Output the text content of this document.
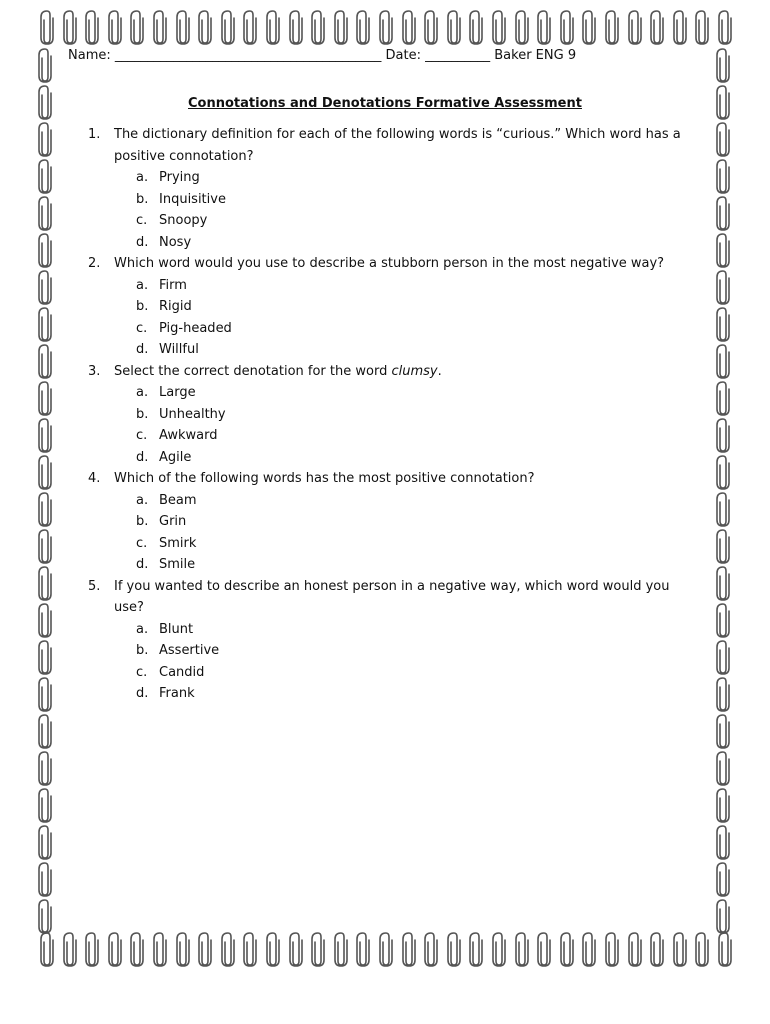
Name: _________________________________________ Date: __________ Baker ENG 9
Connotations and Denotations Formative Assessment
1.	The dictionary definition for each of the following words is “curious.” Which word has a positive connotation?
a. Prying
b. Inquisitive
c. Snoopy
d. Nosy
2.	Which word would you use to describe a stubborn person in the most negative way?
a. Firm
b. Rigid
c. Pig-headed
d. Willful
3.	Select the correct denotation for the word clumsy.
a. Large
b. Unhealthy
c. Awkward
d. Agile
4.	Which of the following words has the most positive connotation?
a. Beam
b. Grin
c. Smirk
d. Smile
5.	If you wanted to describe an honest person in a negative way, which word would you use?
a. Blunt
b. Assertive
c. Candid
d. Frank
